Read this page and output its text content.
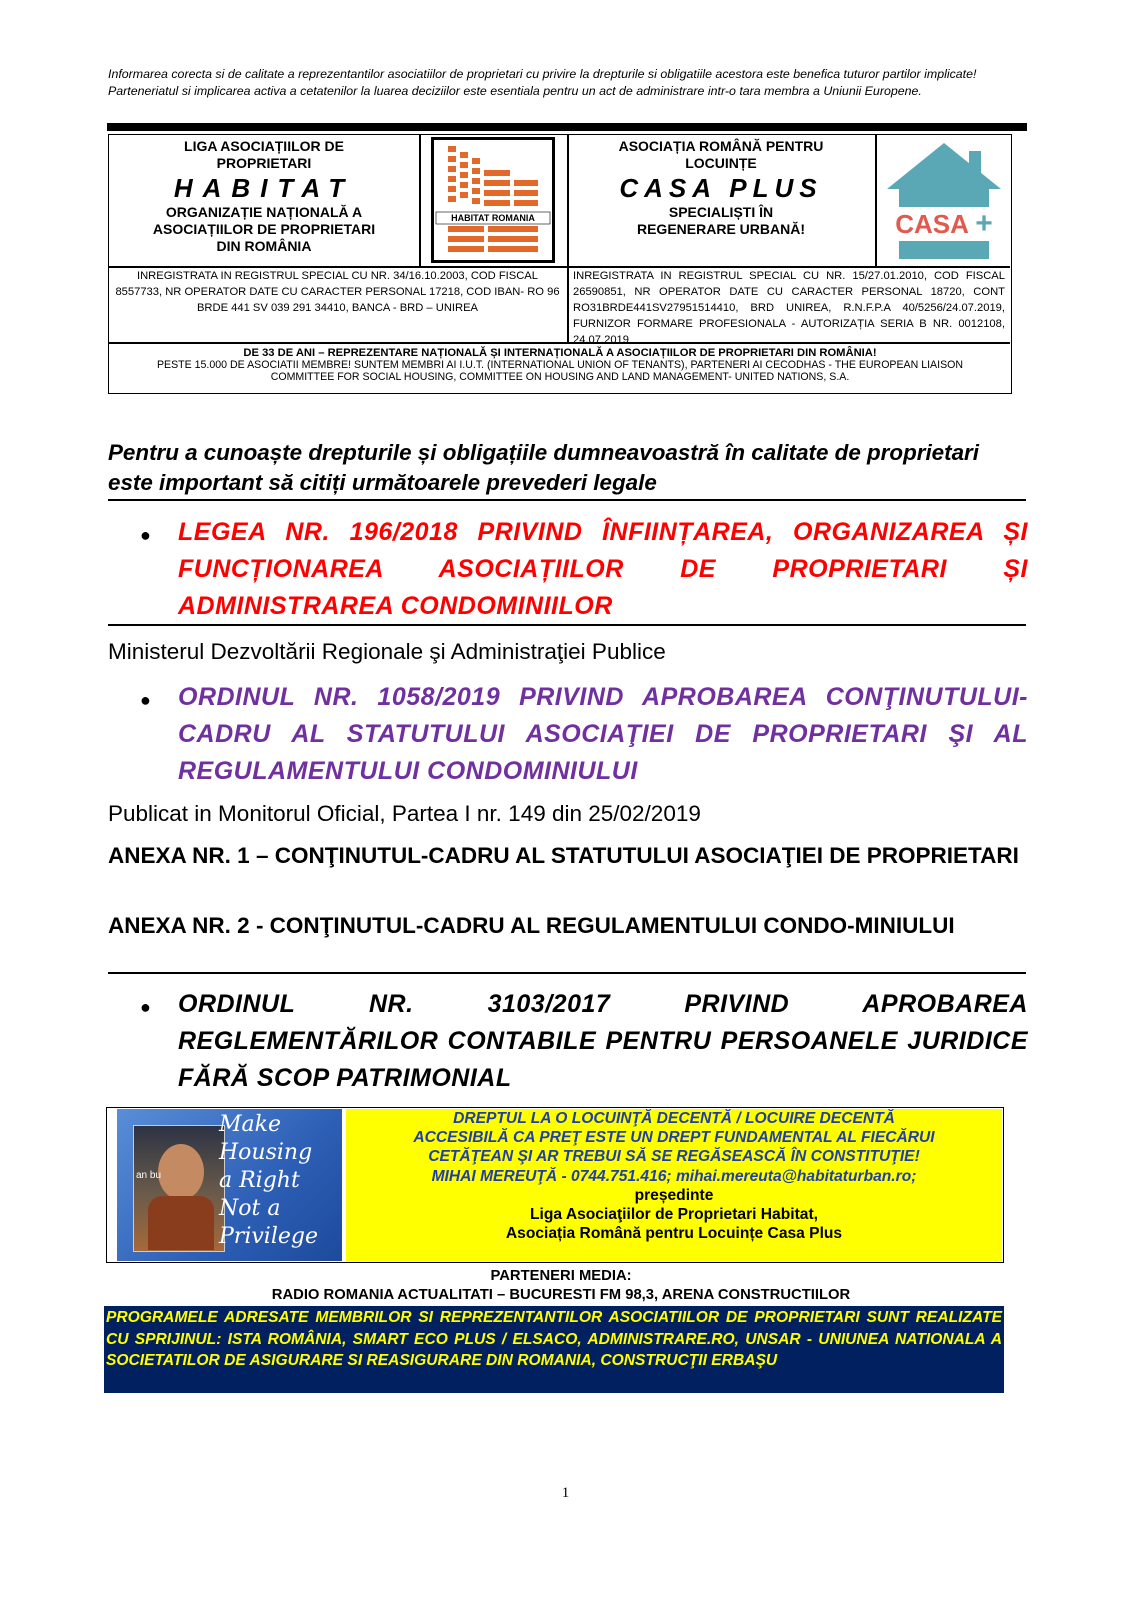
Informarea corecta si de calitate a reprezentantilor asociatiilor de proprietari cu privire la drepturile si obligatiile acestora este benefica tuturor partilor implicate! Parteneriatul si implicarea activa a cetatenilor la luarea deciziilor este esentiala pentru un act de administrare intr-o tara membra a Uniunii Europene.
LIGA ASOCIAȚIILOR DE
PROPRIETARI
HABITAT
ORGANIZAȚIE NAȚIONALĂ A
ASOCIAȚIILOR DE PROPRIETARI
DIN ROMÂNIA
HABITAT ROMANIA
ASOCIAȚIA ROMÂNĂ PENTRU
LOCUINȚE
CASA PLUS
SPECIALIȘTI ÎN
REGENERARE URBANĂ!	CASA +
INREGISTRATA IN REGISTRUL SPECIAL CU NR. 34/16.10.2003, COD FISCAL 8557733, NR OPERATOR DATE CU CARACTER PERSONAL 17218, COD IBAN- RO 96 BRDE 441 SV 039 291 34410, BANCA - BRD – UNIREA
INREGISTRATA IN REGISTRUL SPECIAL CU NR. 15/27.01.2010, COD FISCAL 26590851, NR OPERATOR DATE CU CARACTER PERSONAL 18720, CONT RO31BRDE441SV27951514410, BRD UNIREA, R.N.F.P.A 40/5256/24.07.2019, FURNIZOR FORMARE PROFESIONALA - AUTORIZAȚIA SERIA B NR. 0012108, 24.07.2019
DE 33 DE ANI – REPREZENTARE NAȚIONALĂ ȘI INTERNAȚIONALĂ A ASOCIAȚIILOR DE PROPRIETARI DIN ROMÂNIA!
PESTE 15.000 DE ASOCIATII MEMBRE! SUNTEM MEMBRI AI I.U.T. (INTERNATIONAL UNION OF TENANTS), PARTENERI AI CECODHAS - THE EUROPEAN LIAISON
COMMITTEE FOR SOCIAL HOUSING, COMMITTEE ON HOUSING AND LAND MANAGEMENT- UNITED NATIONS, S.A.
Pentru a cunoaște drepturile și obligațiile dumneavoastră în calitate de proprietari este important să citiți următoarele prevederi legale
● LEGEA NR. 196/2018 PRIVIND ÎNFIINȚAREA, ORGANIZAREA ȘI FUNCȚIONAREA ASOCIAȚIILOR DE PROPRIETARI ȘI ADMINISTRAREA CONDOMINIILOR
Ministerul Dezvoltării Regionale şi Administraţiei Publice
● ORDINUL NR. 1058/2019 PRIVIND APROBAREA CONŢINUTULUI-CADRU AL STATUTULUI ASOCIAŢIEI DE PROPRIETARI ŞI AL REGULAMENTULUI CONDOMINIULUI
Publicat in Monitorul Oficial, Partea I nr. 149 din 25/02/2019
ANEXA NR. 1 – CONŢINUTUL-CADRU AL STATUTULUI ASOCIAŢIEI DE PROPRIETARI
ANEXA NR. 2 - CONŢINUTUL-CADRU AL REGULAMENTULUI CONDO-MINIULUI
● ORDINUL NR. 3103/2017 PRIVIND APROBAREA REGLEMENTĂRILOR CONTABILE PENTRU PERSOANELE JURIDICE FĂRĂ SCOP PATRIMONIAL
an bu
Make
Housing
a Right
Not a
Privilege
DREPTUL LA O LOCUINŢĂ DECENTĂ / LOCUIRE DECENTĂ
ACCESIBILĂ CA PREŢ ESTE UN DREPT FUNDAMENTAL AL FIECĂRUI
CETĂŢEAN ŞI AR TREBUI SĂ SE REGĂSEASCĂ ÎN CONSTITUŢIE!
MIHAI MEREUŢĂ - 0744.751.416; mihai.mereuta@habitaturban.ro;
președinte
Liga Asociaţiilor de Proprietari Habitat,
Asociația Română pentru Locuințe Casa Plus
PARTENERI MEDIA:
RADIO ROMANIA ACTUALITATI – BUCURESTI FM 98,3, ARENA CONSTRUCTIILOR
PROGRAMELE ADRESATE MEMBRILOR SI REPREZENTANTILOR ASOCIATIILOR DE PROPRIETARI SUNT REALIZATE CU SPRIJINUL: ISTA ROMÂNIA, SMART ECO PLUS / ELSACO, ADMINISTRARE.RO, UNSAR - UNIUNEA NATIONALA A SOCIETATILOR DE ASIGURARE SI REASIGURARE DIN ROMANIA, CONSTRUCŢII ERBAŞU
1
